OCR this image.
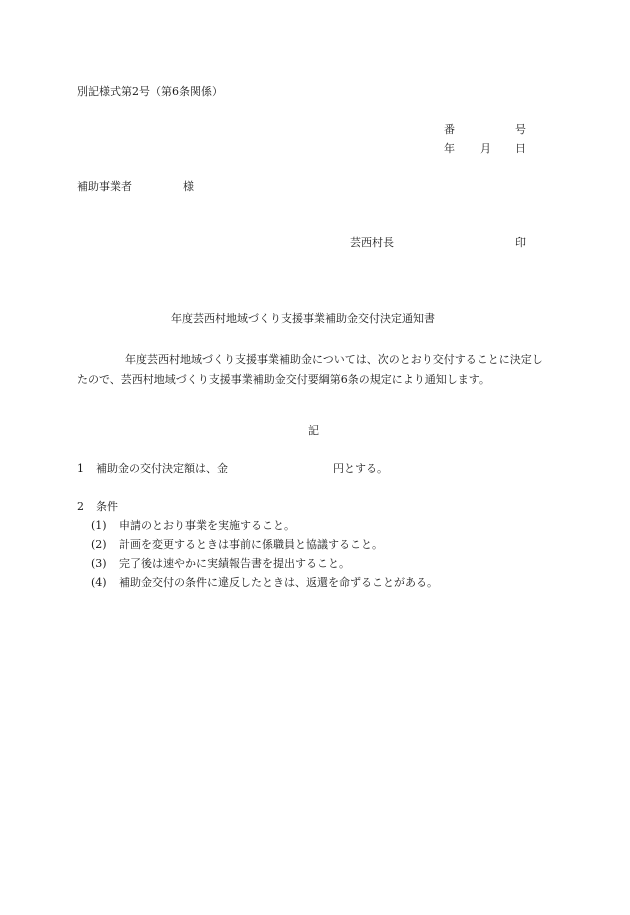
別記様式第2号（第6条関係）
番	号
年 月 日
補助事業者	様
芸西村長	印
年度芸西村地域づくり支援事業補助金交付決定通知書
年度芸西村地域づくり支援事業補助金については、次のとおり交付することに決定したので、芸西村地域づくり支援事業補助金交付要綱第6条の規定により通知します。
記
1 補助金の交付決定額は、金	円とする。
2 条件
(1) 申請のとおり事業を実施すること。
(2) 計画を変更するときは事前に係職員と協議すること。
(3) 完了後は速やかに実績報告書を提出すること。
(4) 補助金交付の条件に違反したときは、返還を命ずることがある。
